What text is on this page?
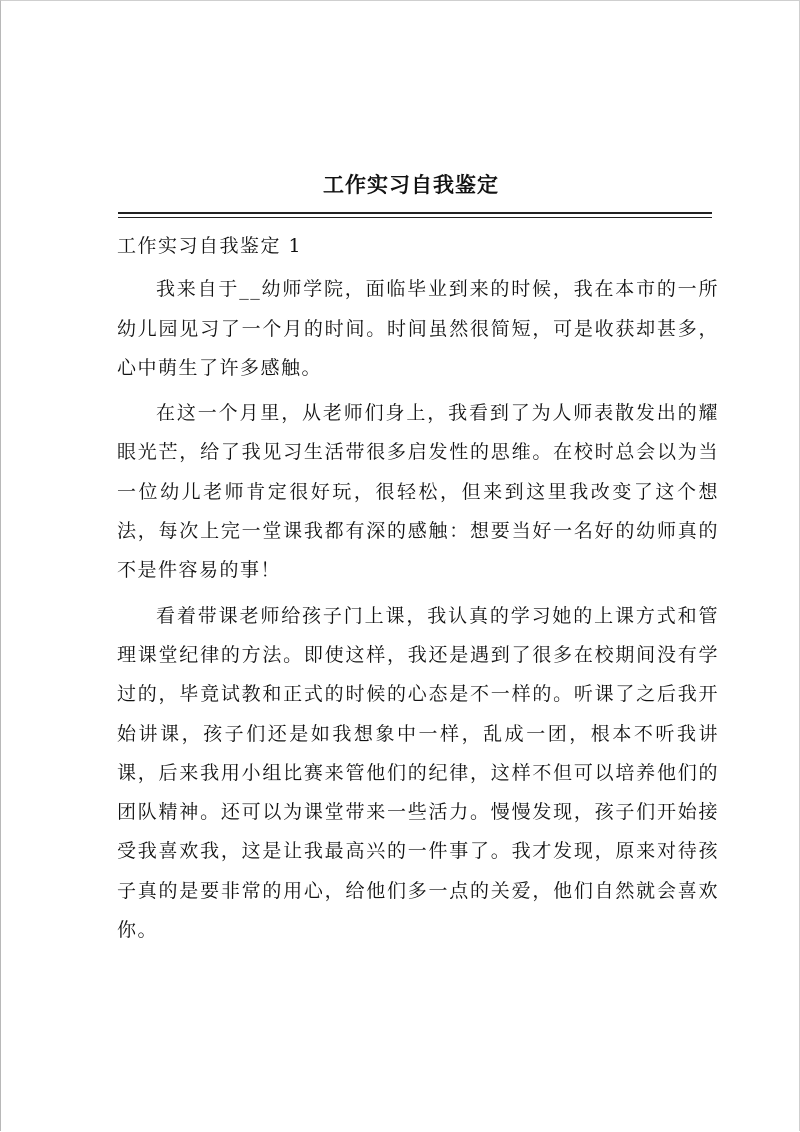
工作实习自我鉴定
工作实习自我鉴定 1

我来自于__幼师学院，面临毕业到来的时候，我在本市的一所幼儿园见习了一个月的时间。时间虽然很简短，可是收获却甚多，心中萌生了许多感触。

在这一个月里，从老师们身上，我看到了为人师表散发出的耀眼光芒，给了我见习生活带很多启发性的思维。在校时总会以为当一位幼儿老师肯定很好玩，很轻松，但来到这里我改变了这个想法，每次上完一堂课我都有深的感触：想要当好一名好的幼师真的不是件容易的事！

看着带课老师给孩子门上课，我认真的学习她的上课方式和管理课堂纪律的方法。即使这样，我还是遇到了很多在校期间没有学过的，毕竟试教和正式的时候的心态是不一样的。听课了之后我开始讲课，孩子们还是如我想象中一样，乱成一团，根本不听我讲课，后来我用小组比赛来管他们的纪律，这样不但可以培养他们的团队精神。还可以为课堂带来一些活力。慢慢发现，孩子们开始接受我喜欢我，这是让我最高兴的一件事了。我才发现，原来对待孩子真的是要非常的用心，给他们多一点的关爱，他们自然就会喜欢你。
